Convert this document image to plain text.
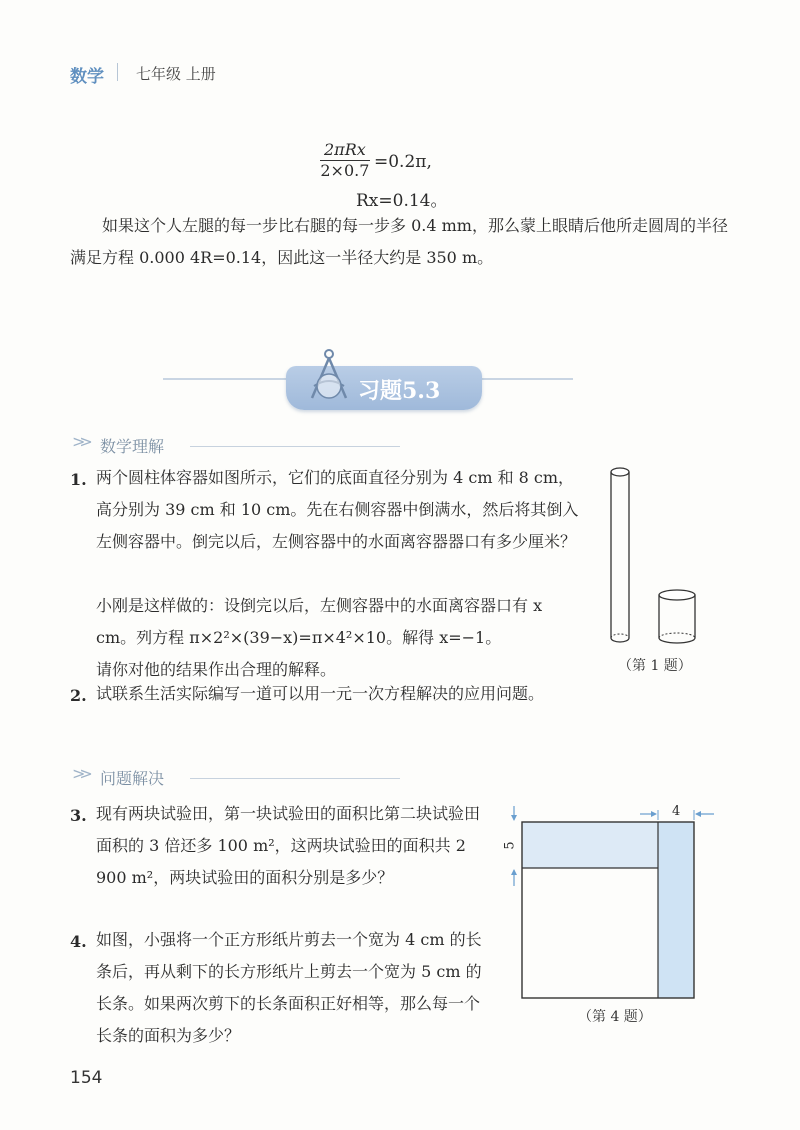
数学 七年级 上册
2πRx
2×0.7 =0.2π,
Rx=0.14。
如果这个人左腿的每一步比右腿的每一步多 0.4 mm，那么蒙上眼睛后他所走圆周的半径满足方程 0.000 4R=0.14，因此这一半径大约是 350 m。
习题5.3
>> 数学理解
1. 两个圆柱体容器如图所示，它们的底面直径分别为 4 cm 和 8 cm，高分别为 39 cm 和 10 cm。先在右侧容器中倒满水，然后将其倒入左侧容器中。倒完以后，左侧容器中的水面离容器器口有多少厘米？
小刚是这样做的：设倒完以后，左侧容器中的水面离容器口有 x cm。列方程 π×2²×(39−x)=π×4²×10。解得 x=−1。
请你对他的结果作出合理的解释。	（第 1 题）
2. 试联系生活实际编写一道可以用一元一次方程解决的应用问题。
>> 问题解决
3. 现有两块试验田，第一块试验田的面积比第二块试验田面积的 3 倍还多 100 m²，这两块试验田的面积共 2 900 m²，两块试验田的面积分别是多少？
4. 如图，小强将一个正方形纸片剪去一个宽为 4 cm 的长条后，再从剩下的长方形纸片上剪去一个宽为 5 cm 的长条。如果两次剪下的长条面积正好相等，那么每一个长条的面积为多少？
4
5
（第 4 题）
154
